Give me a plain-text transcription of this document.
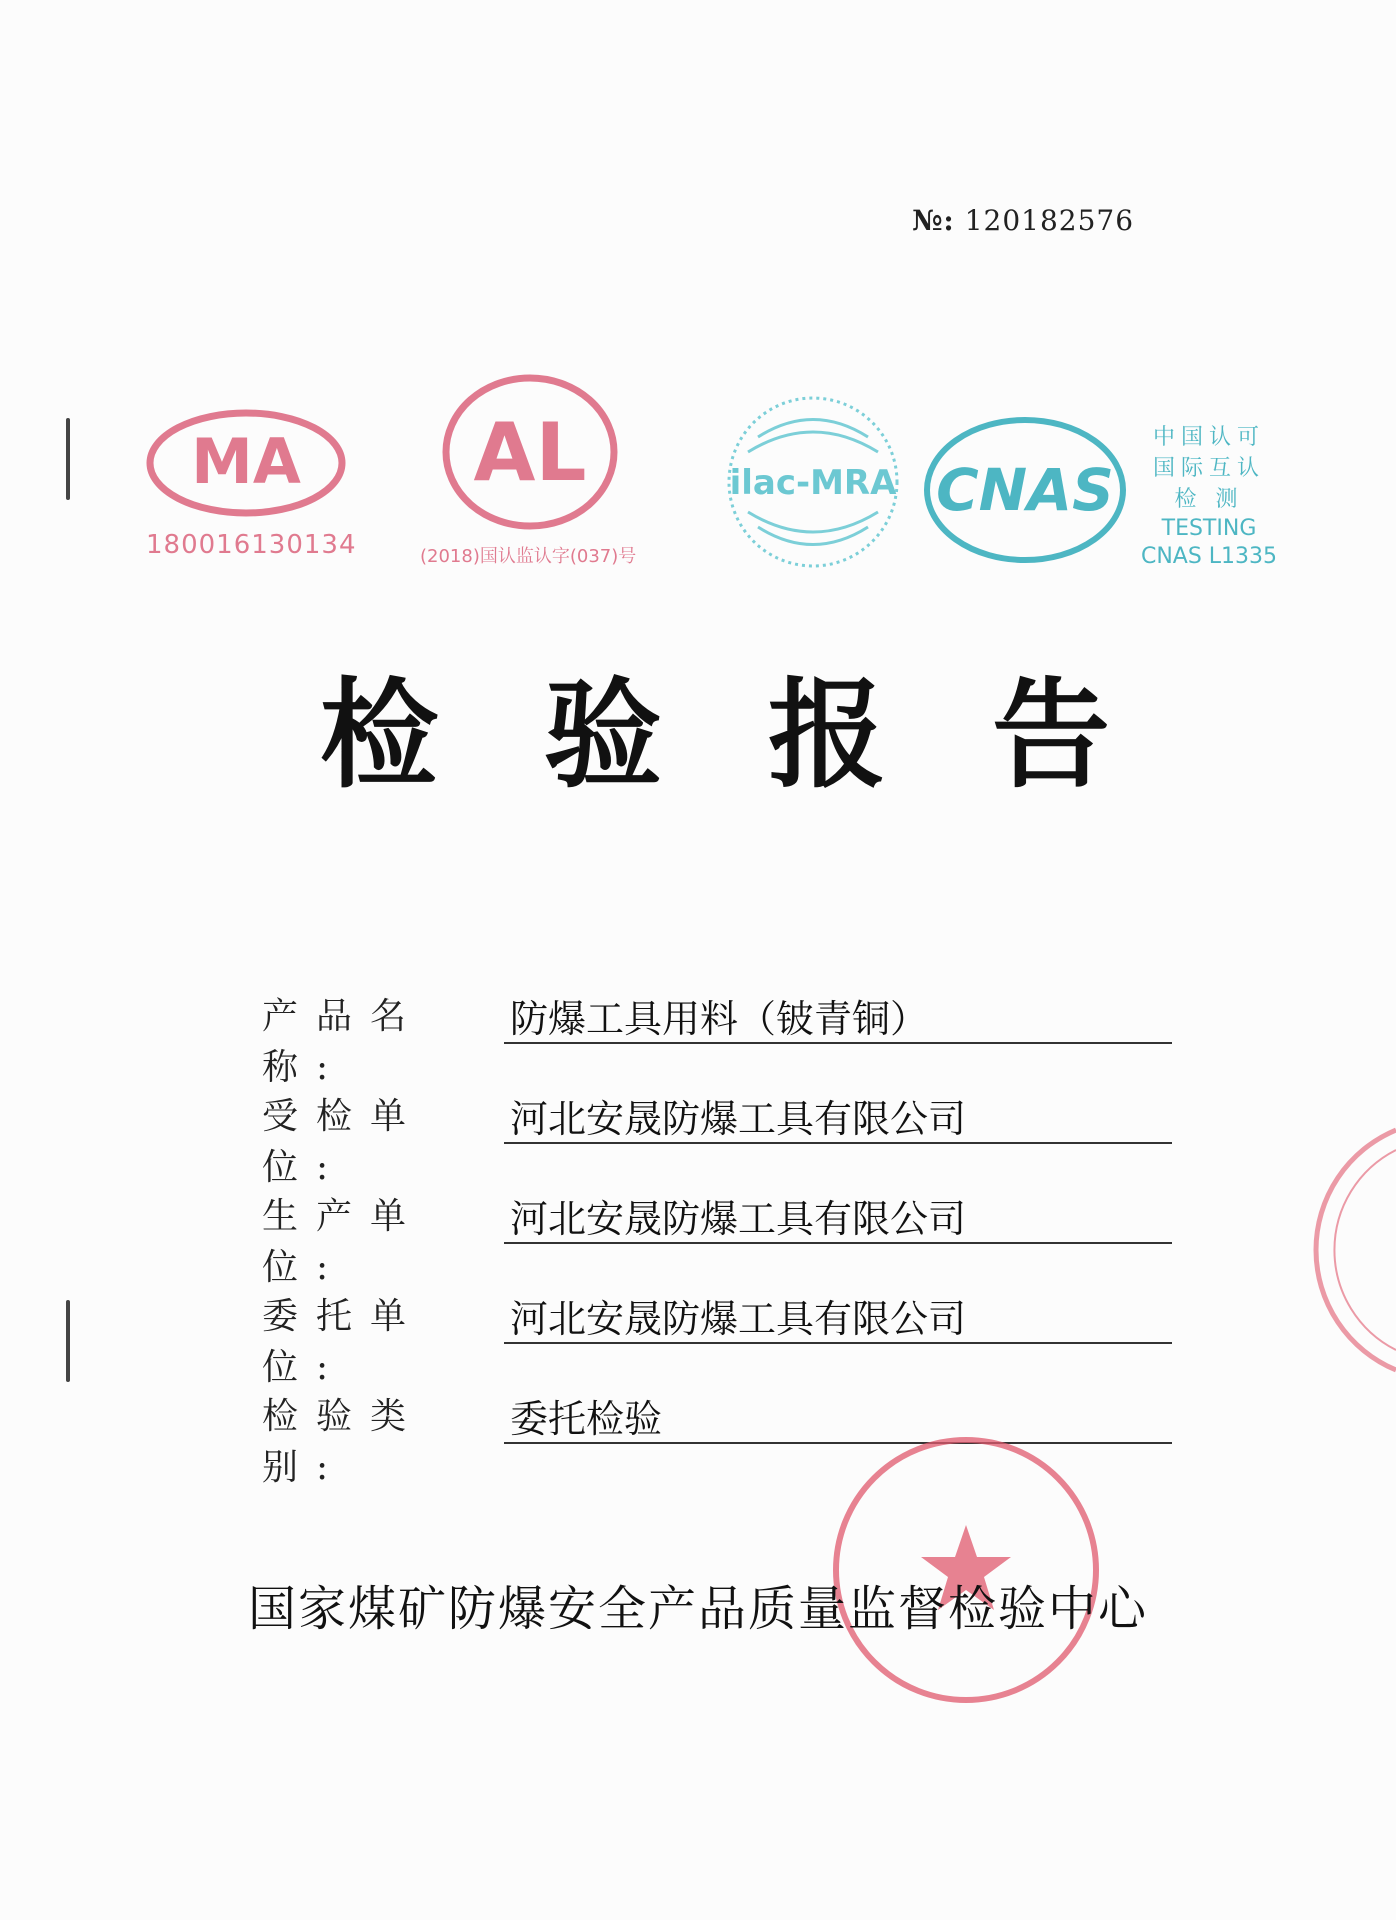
№: 120182576
MA
180016130134
AL
(2018)国认监认字(037)号
ilac-MRA CNAS
中国认可
国际互认
检 测
TESTING
CNAS L1335
检 验 报 告
产品名称:
防爆工具用料（铍青铜）
受检单位:
河北安晟防爆工具有限公司
生产单位:
河北安晟防爆工具有限公司
委托单位:
河北安晟防爆工具有限公司
检验类别:
委托检验
国家煤矿防爆安全产品质量监督检验中心
